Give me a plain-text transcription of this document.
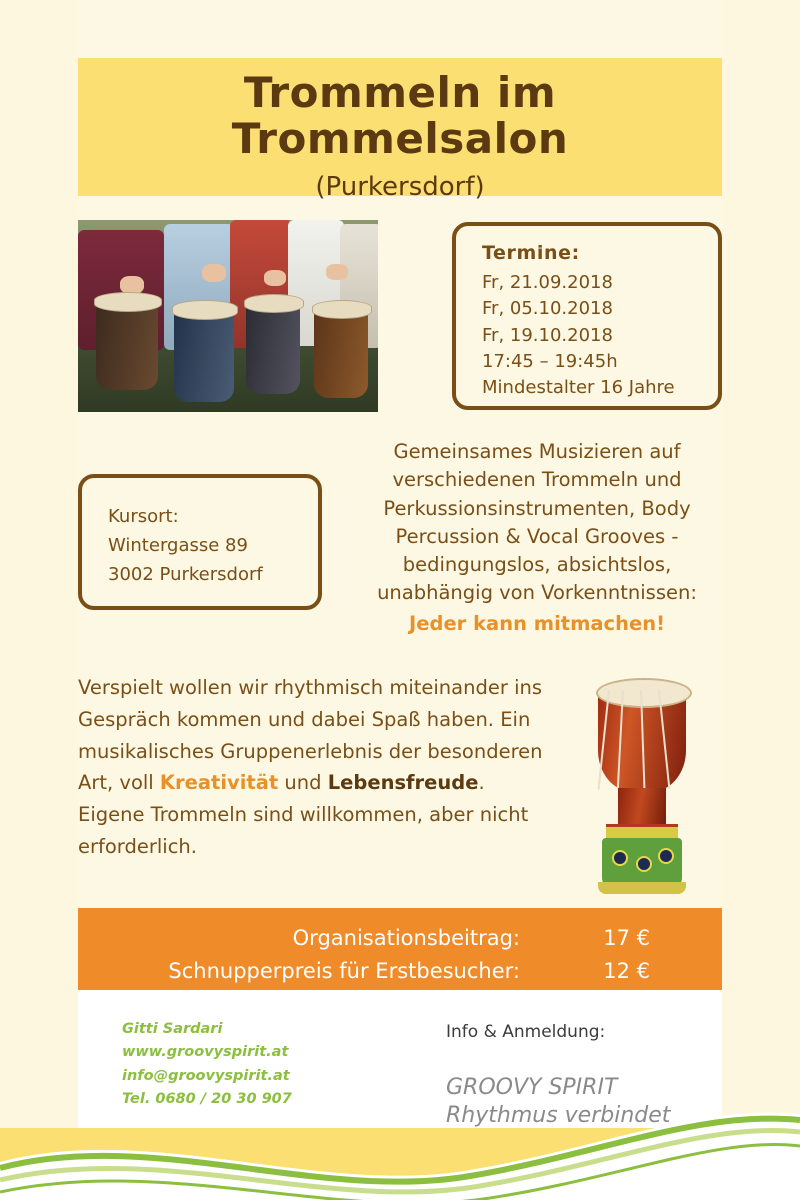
Trommeln im Trommelsalon
(Purkersdorf)
Termine:
Fr, 21.09.2018
Fr, 05.10.2018
Fr, 19.10.2018
17:45 – 19:45h
Mindestalter 16 Jahre
Gemeinsames Musizieren auf verschiedenen Trommeln und Perkussionsinstrumenten, Body Percussion & Vocal Grooves - bedingungslos, absichtslos, unabhängig von Vorkenntnissen:
Jeder kann mitmachen!
Kursort:
Wintergasse 89
3002 Purkersdorf
Verspielt wollen wir rhythmisch miteinander ins Gespräch kommen und dabei Spaß haben. Ein musikalisches Gruppenerlebnis der besonderen Art, voll Kreativität und Lebensfreude. Eigene Trommeln sind willkommen, aber nicht erforderlich.
Organisationsbeitrag:	17 €
Schnupperpreis für Erstbesucher:	12 €
Gitti Sardari
www.groovyspirit.at
info@groovyspirit.at
Tel. 0680 / 20 30 907
Info & Anmeldung:
GROOVY SPIRIT
Rhythmus verbindet
